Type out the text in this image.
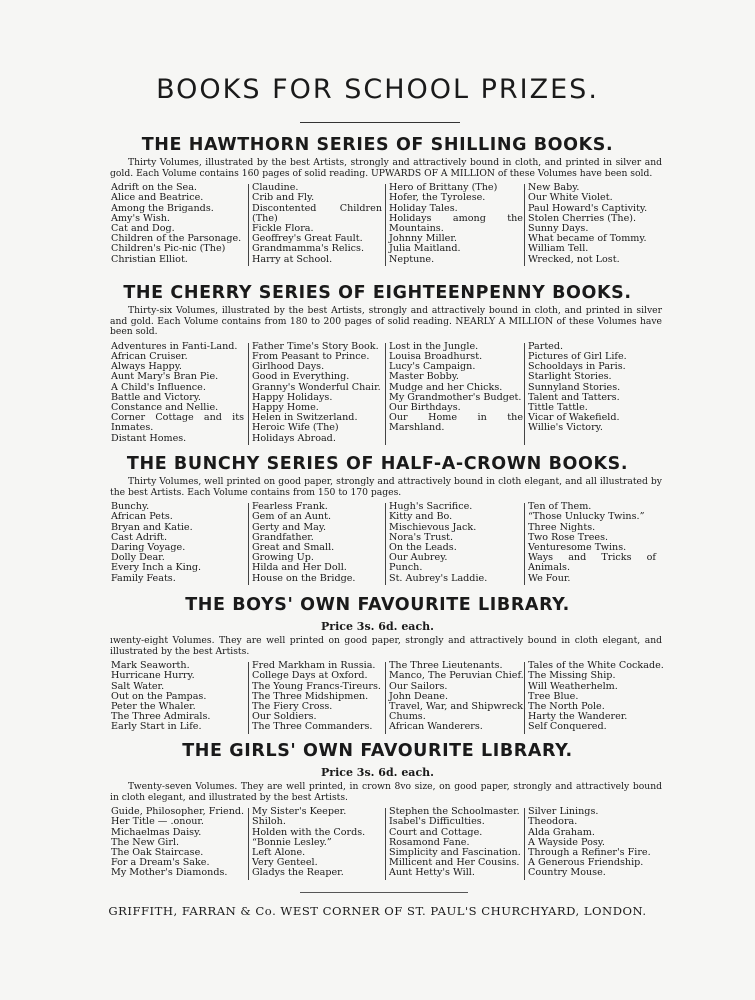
BOOKS FOR SCHOOL PRIZES.
THE HAWTHORN SERIES OF SHILLING BOOKS.
Thirty Volumes, illustrated by the best Artists, strongly and attractively bound in cloth, and printed in silver and gold. Each Volume contains 160 pages of solid reading. UPWARDS OF A MILLION of these Volumes have been sold.
Adrift on the Sea.
Alice and Beatrice.
Among the Brigands.
Amy's Wish.
Cat and Dog.
Children of the Parsonage.
Children's Pic-nic (The)
Christian Elliot.
Claudine.
Crib and Fly.
Discontented Children (The)
Fickle Flora.
Geoffrey's Great Fault.
Grandmamma's Relics.
Harry at School.
Hero of Brittany (The)
Hofer, the Tyrolese.
Holiday Tales.
Holidays among the Mountains.
Johnny Miller.
Julia Maitland.
Neptune.
New Baby.
Our White Violet.
Paul Howard's Captivity.
Stolen Cherries (The).
Sunny Days.
What became of Tommy.
William Tell.
Wrecked, not Lost.
THE CHERRY SERIES OF EIGHTEENPENNY BOOKS.
Thirty-six Volumes, illustrated by the best Artists, strongly and attractively bound in cloth, and printed in silver and gold. Each Volume contains from 180 to 200 pages of solid reading. NEARLY A MILLION of these Volumes have been sold.
Adventures in Fanti-Land.
African Cruiser.
Always Happy.
Aunt Mary's Bran Pie.
A Child's Influence.
Battle and Victory.
Constance and Nellie.
Corner Cottage and its Inmates.
Distant Homes.
Father Time's Story Book.
From Peasant to Prince.
Girlhood Days.
Good in Everything.
Granny's Wonderful Chair.
Happy Holidays.
Happy Home.
Helen in Switzerland.
Heroic Wife (The)
Holidays Abroad.
Lost in the Jungle.
Louisa Broadhurst.
Lucy's Campaign.
Master Bobby.
Mudge and her Chicks.
My Grandmother's Budget.
Our Birthdays.
Our Home in the Marshland.
Parted.
Pictures of Girl Life.
Schooldays in Paris.
Starlight Stories.
Sunnyland Stories.
Talent and Tatters.
Tittle Tattle.
Vicar of Wakefield.
Willie's Victory.
THE BUNCHY SERIES OF HALF-A-CROWN BOOKS.
Thirty Volumes, well printed on good paper, strongly and attractively bound in cloth elegant, and all illustrated by the best Artists. Each Volume contains from 150 to 170 pages.
Bunchy.
African Pets.
Bryan and Katie.
Cast Adrift.
Daring Voyage.
Dolly Dear.
Every Inch a King.
Family Feats.
Fearless Frank.
Gem of an Aunt.
Gerty and May.
Grandfather.
Great and Small.
Growing Up.
Hilda and Her Doll.
House on the Bridge.
Hugh's Sacrifice.
Kitty and Bo.
Mischievous Jack.
Nora's Trust.
On the Leads.
Our Aubrey.
Punch.
St. Aubrey's Laddie.
Ten of Them.
“Those Unlucky Twins.”
Three Nights.
Two Rose Trees.
Venturesome Twins.
Ways and Tricks of Animals.
We Four.
THE BOYS' OWN FAVOURITE LIBRARY.
Price 3s. 6d. each.
ıwenty-eight Volumes. They are well printed on good paper, strongly and attractively bound in cloth elegant, and illustrated by the best Artists.
Mark Seaworth.
Hurricane Hurry.
Salt Water.
Out on the Pampas.
Peter the Whaler.
The Three Admirals.
Early Start in Life.
Fred Markham in Russia.
College Days at Oxford.
The Young Francs-Tireurs.
The Three Midshipmen.
The Fiery Cross.
Our Soldiers.
The Three Commanders.
The Three Lieutenants.
Manco, The Peruvian Chief.
Our Sailors.
John Deane.
Travel, War, and Shipwreck.
Chums.
African Wanderers.
Tales of the White Cockade.
The Missing Ship.
Will Weatherhelm.
Tree Blue.
The North Pole.
Harty the Wanderer.
Self Conquered.
THE GIRLS' OWN FAVOURITE LIBRARY.
Price 3s. 6d. each.
Twenty-seven Volumes. They are well printed, in crown 8vo size, on good paper, strongly and attractively bound in cloth elegant, and illustrated by the best Artists.
Guide, Philosopher, Friend.
Her Title — .onour.
Michaelmas Daisy.
The New Girl.
The Oak Staircase.
For a Dream's Sake.
My Mother's Diamonds.
My Sister's Keeper.
Shiloh.
Holden with the Cords.
“Bonnie Lesley.”
Left Alone.
Very Genteel.
Gladys the Reaper.
Stephen the Schoolmaster.
Isabel's Difficulties.
Court and Cottage.
Rosamond Fane.
Simplicity and Fascination.
Millicent and Her Cousins.
Aunt Hetty's Will.
Silver Linings.
Theodora.
Alda Graham.
A Wayside Posy.
Through a Refiner's Fire.
A Generous Friendship.
Country Mouse.
GRIFFITH, FARRAN & Co. WEST CORNER OF ST. PAUL'S CHURCHYARD, LONDON.
